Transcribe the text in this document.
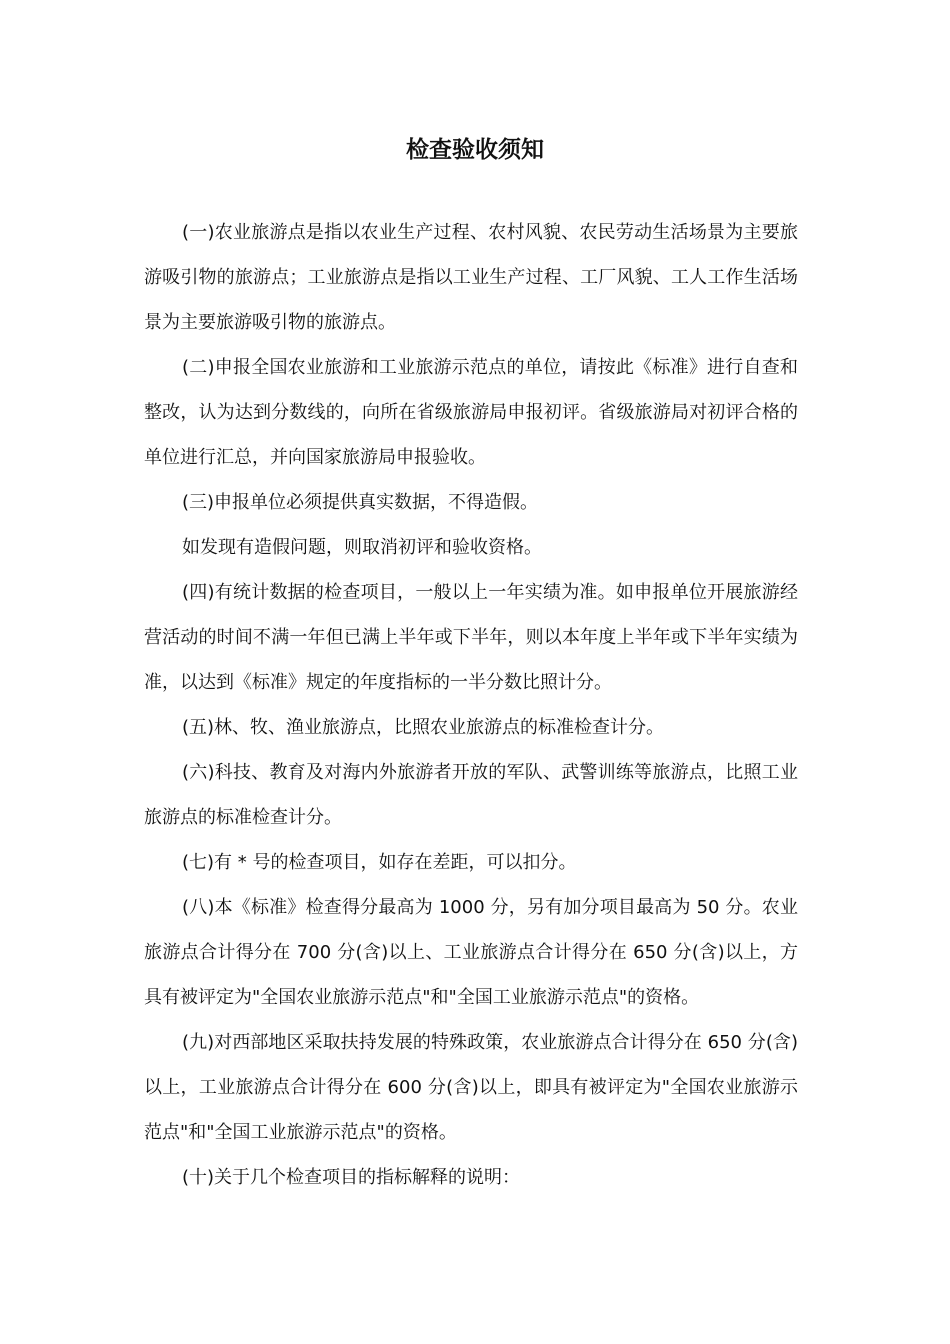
检查验收须知

(一)农业旅游点是指以农业生产过程、农村风貌、农民劳动生活场景为主要旅游吸引物的旅游点；工业旅游点是指以工业生产过程、工厂风貌、工人工作生活场景为主要旅游吸引物的旅游点。

(二)申报全国农业旅游和工业旅游示范点的单位，请按此《标准》进行自查和整改，认为达到分数线的，向所在省级旅游局申报初评。省级旅游局对初评合格的单位进行汇总，并向国家旅游局申报验收。

(三)申报单位必须提供真实数据，不得造假。

如发现有造假问题，则取消初评和验收资格。

(四)有统计数据的检查项目，一般以上一年实绩为准。如申报单位开展旅游经营活动的时间不满一年但已满上半年或下半年，则以本年度上半年或下半年实绩为准，以达到《标准》规定的年度指标的一半分数比照计分。

(五)林、牧、渔业旅游点，比照农业旅游点的标准检查计分。

(六)科技、教育及对海内外旅游者开放的军队、武警训练等旅游点，比照工业旅游点的标准检查计分。

(七)有 * 号的检查项目，如存在差距，可以扣分。

(八)本《标准》检查得分最高为 1000 分，另有加分项目最高为 50 分。农业旅游点合计得分在 700 分(含)以上、工业旅游点合计得分在 650 分(含)以上，方具有被评定为"全国农业旅游示范点"和"全国工业旅游示范点"的资格。

(九)对西部地区采取扶持发展的特殊政策，农业旅游点合计得分在 650 分(含)以上，工业旅游点合计得分在 600 分(含)以上，即具有被评定为"全国农业旅游示范点"和"全国工业旅游示范点"的资格。

(十)关于几个检查项目的指标解释的说明：
